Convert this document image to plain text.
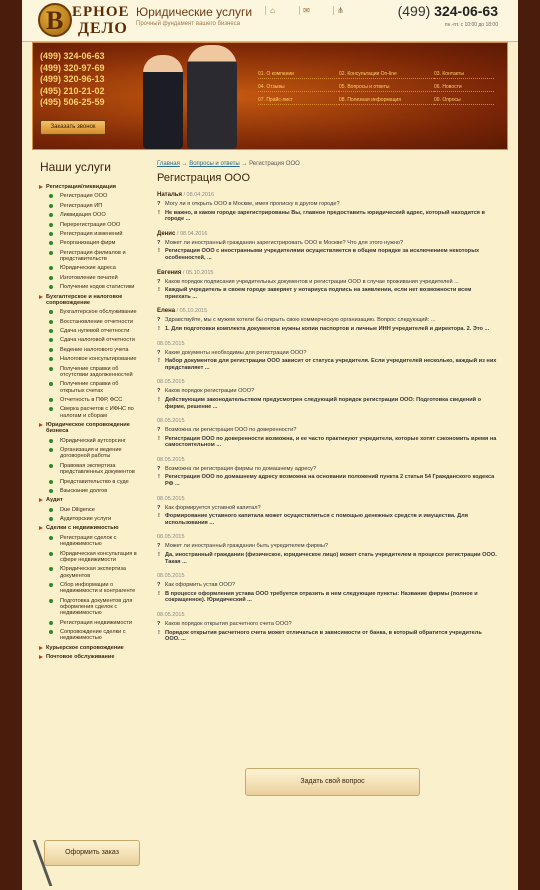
В ЕРНОЕ
ДЕЛО
Юридические услуги
Прочный фундамент вашего бизнеса
⌂	✉	⋔	(499) 324-06-63
пн.-пт. с 10:00 до 18:00
(499) 324-06-63
(499) 320-97-69
(499) 320-96-13
(495) 210-21-02
(495) 506-25-59
Заказать звонок
01. О компании	02. Консультации On-line	03. Контакты
04. Отзывы	05. Вопросы и ответы	06. Новости
07. Прайс-лист	08. Полезная информация	09. Опросы
Наши услуги
Регистрация/ликвидация
Регистрация ООО
Регистрация ИП
Ликвидация ООО
Перерегистрация ООО
Регистрация изменений
Реорганизация фирм
Регистрация филиалов и представительств
Юридические адреса
Изготовление печатей
Получение кодов статистики
Бухгалтерское и налоговое сопровождение
Бухгалтерское обслуживание
Восстановление отчетности
Сдача нулевой отчетности
Сдача налоговой отчетности
Ведение налогового учета
Налоговое консультирование
Получение справки об отсутствии задолженностей
Получение справки об открытых счетах
Отчетность в ПФР, ФСС
Сверка расчетов с ИФНС по налогам и сборам
Юридическое сопровождение бизнеса
Юридический аутсорсинг
Организация и ведение договорной работы
Правовая экспертиза представленных документов
Представительство в суде
Взыскание долгов
Аудит
Due Diligence
Аудиторские услуги
Сделки с недвижимостью
Регистрация сделок с недвижимостью
Юридическая консультация в сфере недвижимости
Юридическая экспертиза документов
Сбор информации о недвижимости и контрагенте
Подготовка документов для оформления сделок с недвижимостью
Регистрация недвижимости
Сопровождение сделки с недвижимостью
Курьерское сопровождение
Почтовое обслуживание
Оформить заказ
Главная → Вопросы и ответы → Регистрация ООО
Регистрация ООО
Наталья / 08.04.2016
? Могу ли я открыть ООО в Москве, имея прописку в другом городе?
! Не важно, в каком городе зарегистрированы Вы, главное предоставить юридический адрес, который находится в городе ...
Денис / 08.04.2016
? Может ли иностранный гражданин зарегистрировать ООО в Москве? Что для этого нужно?
! Регистрация ООО с иностранными учредителями осуществляется в общем порядке за исключением некоторых особенностей, ...
Евгения / 05.10.2015
? Каков порядок подписания учредительных документов и регистрации ООО в случае проживания учредителей ...
! Каждый учредитель в своем городе заверяет у нотариуса подпись на заявлении, если нет возможности всем приехать ...
Елена / 05.10.2015
? Здравствуйте, мы с мужем хотели бы открыть свою коммерческую организацию. Вопрос следующий: ...
! 1. Для подготовки комплекта документов нужны копии паспортов и личные ИНН учредителей и директора. 2. Это ...
08.05.2015
? Какие документы необходимы для регистрации ООО?
! Набор документов для регистрации ООО зависит от статуса учредителя. Если учредителей несколько, каждый из них представляет ...
08.05.2015
? Каков порядок регистрации ООО?
! Действующим законодательством предусмотрен следующий порядок регистрации ООО: Подготовка сведений о фирме, решение ...
08.05.2015
? Возможна ли регистрация ООО по доверенности?
! Регистрация ООО по доверенности возможна, и ее часто практикуют учредители, которые хотят сэкономить время на самостоятельном ...
08.05.2015
? Возможна ли регистрация фирмы по домашнему адресу?
! Регистрация ООО по домашнему адресу возможна на основании положений пункта 2 статьи 54 Гражданского кодекса РФ ...
08.05.2015
? Как формируется уставной капитал?
! Формирование уставного капитала может осуществляться с помощью денежных средств и имущества. Для использования ...
08.05.2015
? Может ли иностранный гражданин быть учредителем фирмы?
! Да, иностранный гражданин (физическое, юридическое лицо) может стать учредителем в процессе регистрации ООО. Такая ...
08.05.2015
? Как оформить устав ООО?
! В процессе оформления устава ООО требуется отразить в нем следующие пункты: Название фирмы (полное и сокращенное). Юридический ...
08.05.2015
? Каков порядок открытия расчетного счета ООО?
! Порядок открытия расчетного счета может отличаться в зависимости от банка, в который обратится учредитель ООО. ...
Задать свой вопрос
